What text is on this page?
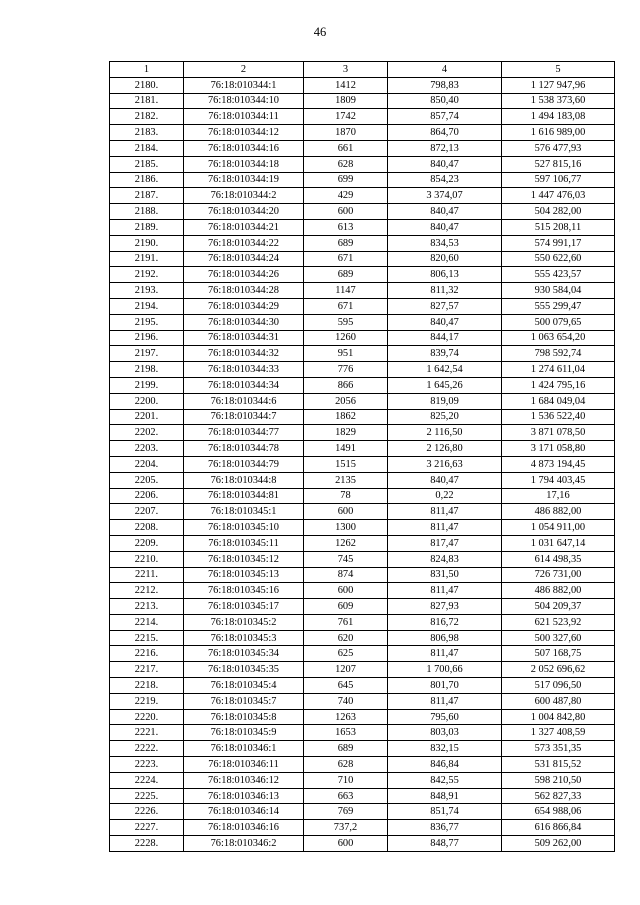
46
1	2	3	4	5
2180.	76:18:010344:1	1412	798,83	1 127 947,96
2181.	76:18:010344:10	1809	850,40	1 538 373,60
2182.	76:18:010344:11	1742	857,74	1 494 183,08
2183.	76:18:010344:12	1870	864,70	1 616 989,00
2184.	76:18:010344:16	661	872,13	576 477,93
2185.	76:18:010344:18	628	840,47	527 815,16
2186.	76:18:010344:19	699	854,23	597 106,77
2187.	76:18:010344:2	429	3 374,07	1 447 476,03
2188.	76:18:010344:20	600	840,47	504 282,00
2189.	76:18:010344:21	613	840,47	515 208,11
2190.	76:18:010344:22	689	834,53	574 991,17
2191.	76:18:010344:24	671	820,60	550 622,60
2192.	76:18:010344:26	689	806,13	555 423,57
2193.	76:18:010344:28	1147	811,32	930 584,04
2194.	76:18:010344:29	671	827,57	555 299,47
2195.	76:18:010344:30	595	840,47	500 079,65
2196.	76:18:010344:31	1260	844,17	1 063 654,20
2197.	76:18:010344:32	951	839,74	798 592,74
2198.	76:18:010344:33	776	1 642,54	1 274 611,04
2199.	76:18:010344:34	866	1 645,26	1 424 795,16
2200.	76:18:010344:6	2056	819,09	1 684 049,04
2201.	76:18:010344:7	1862	825,20	1 536 522,40
2202.	76:18:010344:77	1829	2 116,50	3 871 078,50
2203.	76:18:010344:78	1491	2 126,80	3 171 058,80
2204.	76:18:010344:79	1515	3 216,63	4 873 194,45
2205.	76:18:010344:8	2135	840,47	1 794 403,45
2206.	76:18:010344:81	78	0,22	17,16
2207.	76:18:010345:1	600	811,47	486 882,00
2208.	76:18:010345:10	1300	811,47	1 054 911,00
2209.	76:18:010345:11	1262	817,47	1 031 647,14
2210.	76:18:010345:12	745	824,83	614 498,35
2211.	76:18:010345:13	874	831,50	726 731,00
2212.	76:18:010345:16	600	811,47	486 882,00
2213.	76:18:010345:17	609	827,93	504 209,37
2214.	76:18:010345:2	761	816,72	621 523,92
2215.	76:18:010345:3	620	806,98	500 327,60
2216.	76:18:010345:34	625	811,47	507 168,75
2217.	76:18:010345:35	1207	1 700,66	2 052 696,62
2218.	76:18:010345:4	645	801,70	517 096,50
2219.	76:18:010345:7	740	811,47	600 487,80
2220.	76:18:010345:8	1263	795,60	1 004 842,80
2221.	76:18:010345:9	1653	803,03	1 327 408,59
2222.	76:18:010346:1	689	832,15	573 351,35
2223.	76:18:010346:11	628	846,84	531 815,52
2224.	76:18:010346:12	710	842,55	598 210,50
2225.	76:18:010346:13	663	848,91	562 827,33
2226.	76:18:010346:14	769	851,74	654 988,06
2227.	76:18:010346:16	737,2	836,77	616 866,84
2228.	76:18:010346:2	600	848,77	509 262,00
